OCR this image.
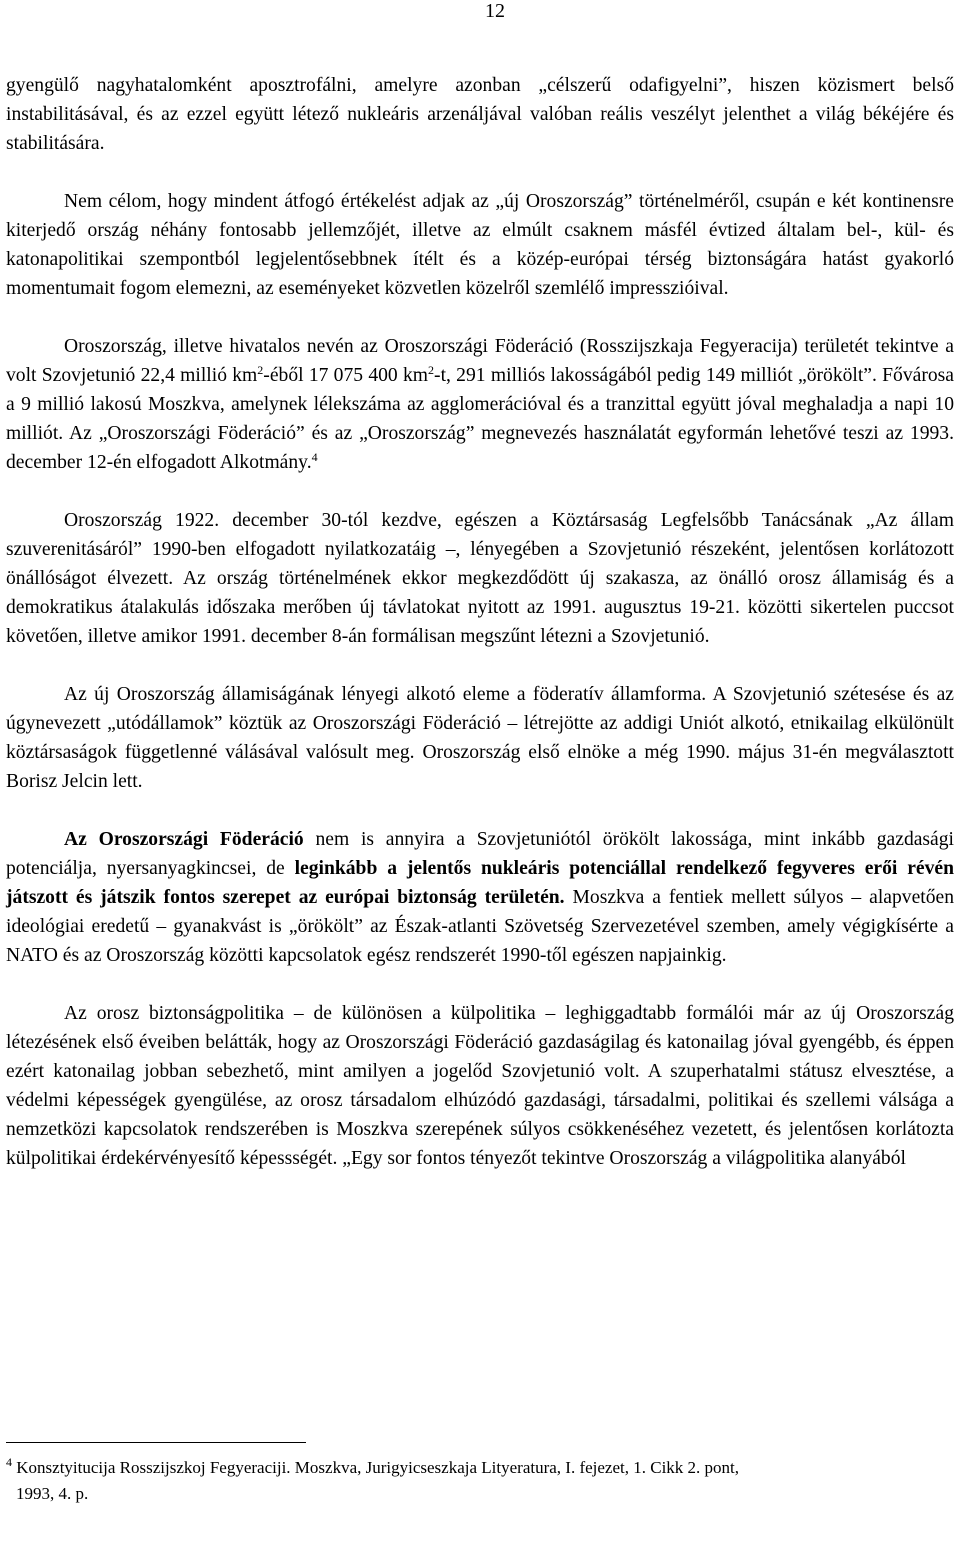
12

gyengülő nagyhatalomként aposztrofálni, amelyre azonban „célszerű odafigyelni”, hiszen közismert belső instabilitásával, és az ezzel együtt létező nukleáris arzenáljával valóban reális veszélyt jelenthet a világ békéjére és stabilitására.

Nem célom, hogy mindent átfogó értékelést adjak az „új Oroszország” történelméről, csupán e két kontinensre kiterjedő ország néhány fontosabb jellemzőjét, illetve az elmúlt csaknem másfél évtized általam bel-, kül- és katonapolitikai szempontból legjelentősebbnek ítélt és a közép-európai térség biztonságára hatást gyakorló momentumait fogom elemezni, az eseményeket közvetlen közelről szemlélő impresszióival.

Oroszország, illetve hivatalos nevén az Oroszországi Föderáció (Rosszijszkaja Fegyeracija) területét tekintve a volt Szovjetunió 22,4 millió $km^2$-éből 17 075 400 $km^2-t$, 291 milliós lakosságából pedig 149 milliót „örökölt”. Fővárosa a 9 millió lakosú Moszkva, amelynek lélekszáma az agglomerációval és a tranzittal együtt jóval meghaladja a napi 10 milliót. Az „Oroszországi Föderáció” és az „Oroszország” megnevezés használatát egyformán lehetővé teszi az 1993. december 12-én elfogadott Alkotmány.$^4$

Oroszország 1922. december 30-tól kezdve, egészen a Köztársaság Legfelsőbb Tanácsának „Az állam szuverenitásáról” 1990-ben elfogadott nyilatkozatáig –, lényegében a Szovjetunió részeként, jelentősen korlátozott önállóságot élvezett. Az ország történelmének ekkor megkezdődött új szakasza, az önálló orosz államiság és a demokratikus átalakulás időszaka merőben új távlatokat nyitott az 1991. augusztus 19-21. közötti sikertelen puccsot követően, illetve amikor 1991. december 8-án formálisan megszűnt létezni a Szovjetunió.

Az új Oroszország államiságának lényegi alkotó eleme a föderatív államforma. A Szovjetunió szétesése és az úgynevezett „utódállamok” köztük az Oroszországi Föderáció – létrejötte az addigi Uniót alkotó, etnikailag elkülönült köztársaságok függetlenné válásával valósult meg. Oroszország első elnöke a még 1990. május 31-én megválasztott Borisz Jelcin lett.

Az Oroszországi Föderáció nem is annyira a Szovjetuniótól örökölt lakossága, mint inkább gazdasági potenciálja, nyersanyagkincsei, de leginkább a jelentős nukleáris potenciállal rendelkező fegyveres erői révén játszott és játszik fontos szerepet az európai biztonság területén. Moszkva a fentiek mellett súlyos – alapvetően ideológiai eredetű – gyanakvást is „örökölt” az Észak-atlanti Szövetség Szervezetével szemben, amely végigkísérte a NATO és az Oroszország közötti kapcsolatok egész rendszerét 1990-től egészen napjainkig.

Az orosz biztonságpolitika – de különösen a külpolitika – leghiggadtabb formálói már az új Oroszország létezésének első éveiben belátták, hogy az Oroszországi Föderáció gazdaságilag és katonailag jóval gyengébb, és éppen ezért katonailag jobban sebezhető, mint amilyen a jogelőd Szovjetunió volt. A szuperhatalmi státusz elvesztése, a védelmi képességek gyengülése, az orosz társadalom elhúzódó gazdasági, társadalmi, politikai és szellemi válsága a nemzetközi kapcsolatok rendszerében is Moszkva szerepének súlyos csökkenéséhez vezetett, és jelentősen korlátozta külpolitikai érdekérvényesítő képessségét. „Egy sor fontos tényezőt tekintve Oroszország a világpolitika alanyából

$^4$ Konsztyitucija Rosszijszkoj Fegyeraciji. Moszkva, Jurigyicseszkaja Lityeratura, I. fejezet, 1. Cikk 2. pont,
1993, 4. p.
